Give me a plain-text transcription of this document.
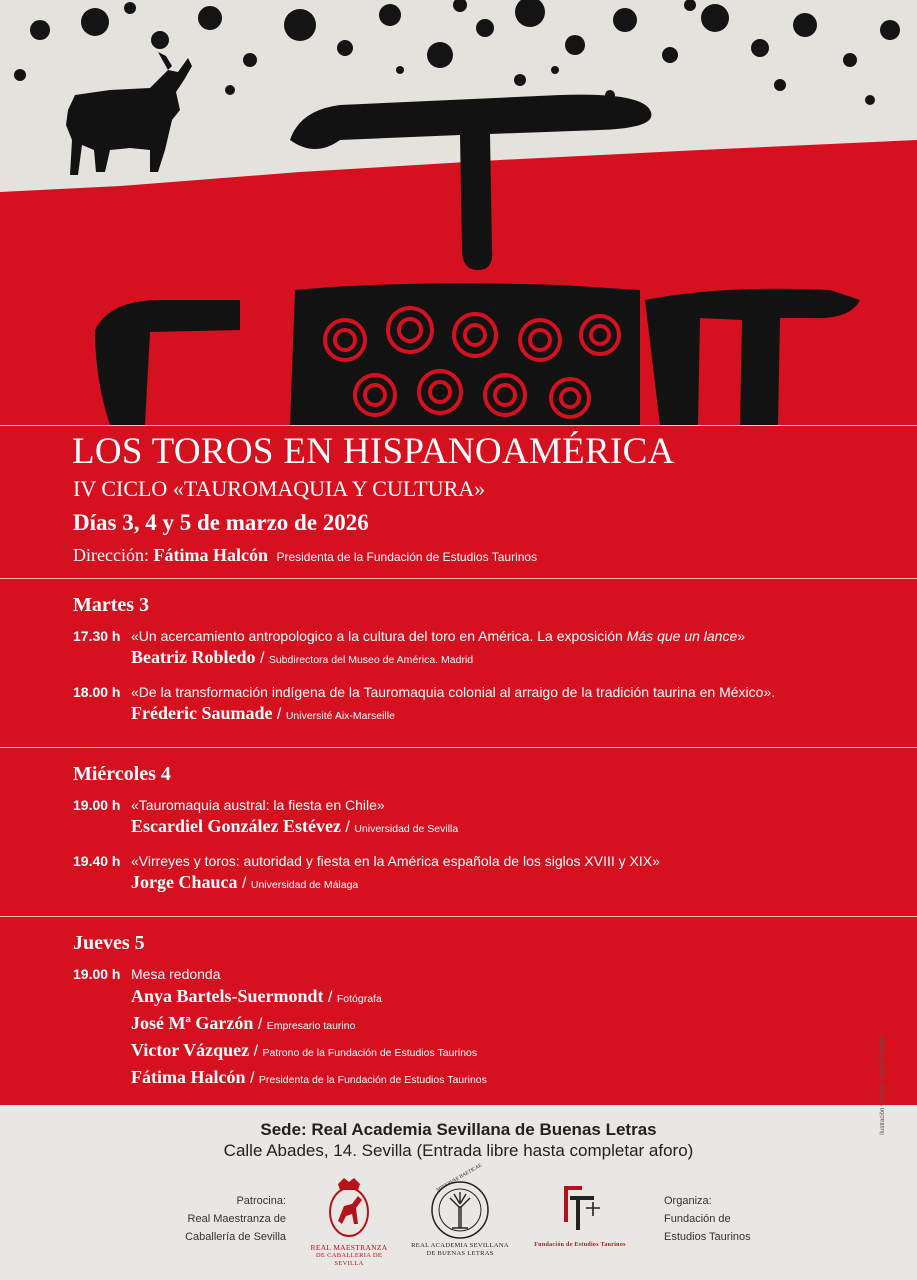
LOS TOROS EN HISPANOAMÉRICA
IV CICLO «TAUROMAQUIA Y CULTURA»
Días 3, 4 y 5 de marzo de 2026
Dirección: Fátima Halcón Presidenta de la Fundación de Estudios Taurinos
Martes 3
17.30 h «Un acercamiento antropologico a la cultura del toro en América. La exposición Más que un lance»
Beatriz Robledo / Subdirectora del Museo de América. Madrid
18.00 h «De la transformación indígena de la Tauromaquia colonial al arraigo de la tradición taurina en México».
Fréderic Saumade / Université Aix-Marseille
Miércoles 4
19.00 h «Tauromaquia austral: la fiesta en Chile»
Escardiel González Estévez / Universidad de Sevilla
19.40 h «Virreyes y toros: autoridad y fiesta en la América española de los siglos XVIII y XIX»
Jorge Chauca / Universidad de Málaga
Jueves 5
19.00 h Mesa redonda
Anya Bartels-Suermondt / Fotógrafa
José Mª Garzón / Empresario taurino
Victor Vázquez / Patrono de la Fundación de Estudios Taurinos
Fátima Halcón / Presidenta de la Fundación de Estudios Taurinos
Sede: Real Academia Sevillana de Buenas Letras
Calle Abades, 14. Sevilla (Entrada libre hasta completar aforo)
Patrocina:
Real Maestranza de
Caballería de Sevilla
REAL MAESTRANZA
DE CABALLERIA DE SEVILLA
MINERVAE BAETICAE
REAL ACADEMIA SEVILLANA
DE BUENAS LETRAS
Fundación de Estudios Taurinos
Organiza:
Fundación de
Estudios Taurinos
Ilustración y diseño: Jacinto Gutiérrez
